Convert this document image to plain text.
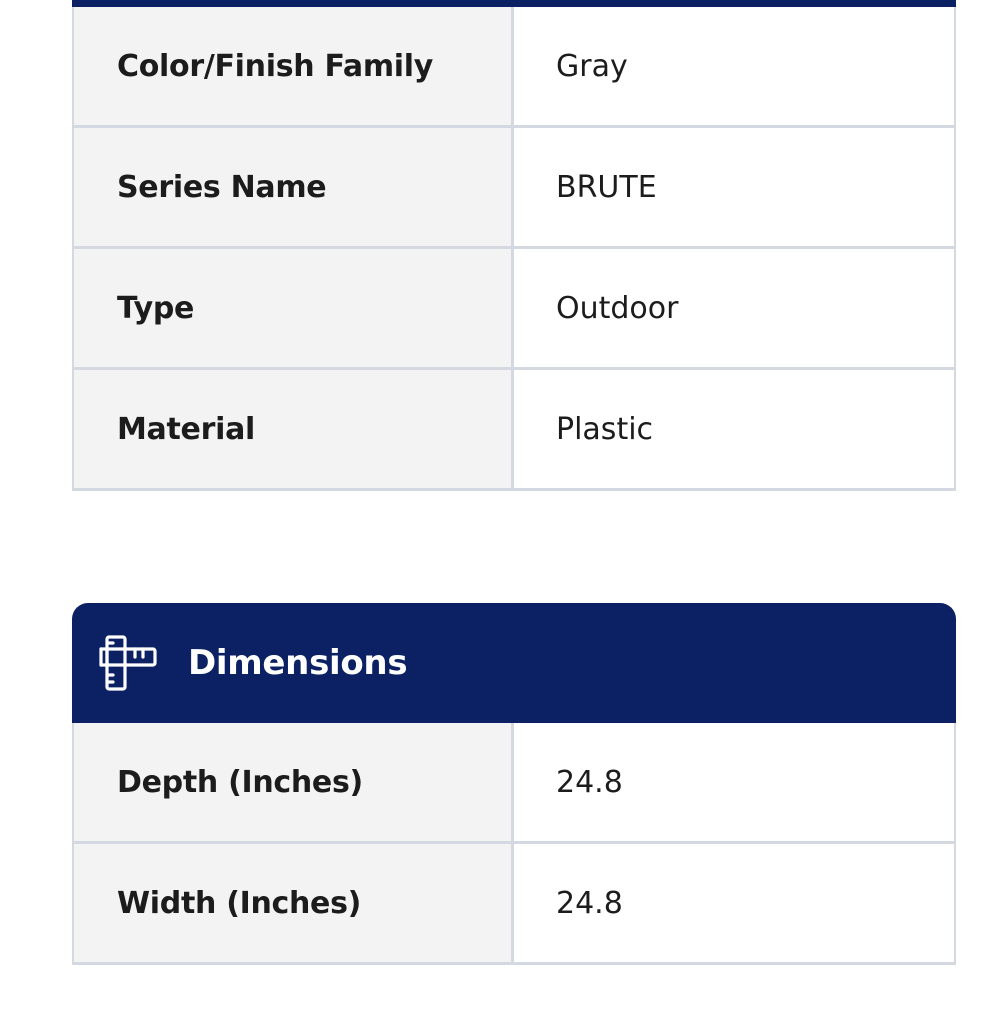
Color/Finish Family	Gray
Series Name	BRUTE
Type	Outdoor
Material	Plastic
Dimensions
Depth (Inches)	24.8
Width (Inches)	24.8
